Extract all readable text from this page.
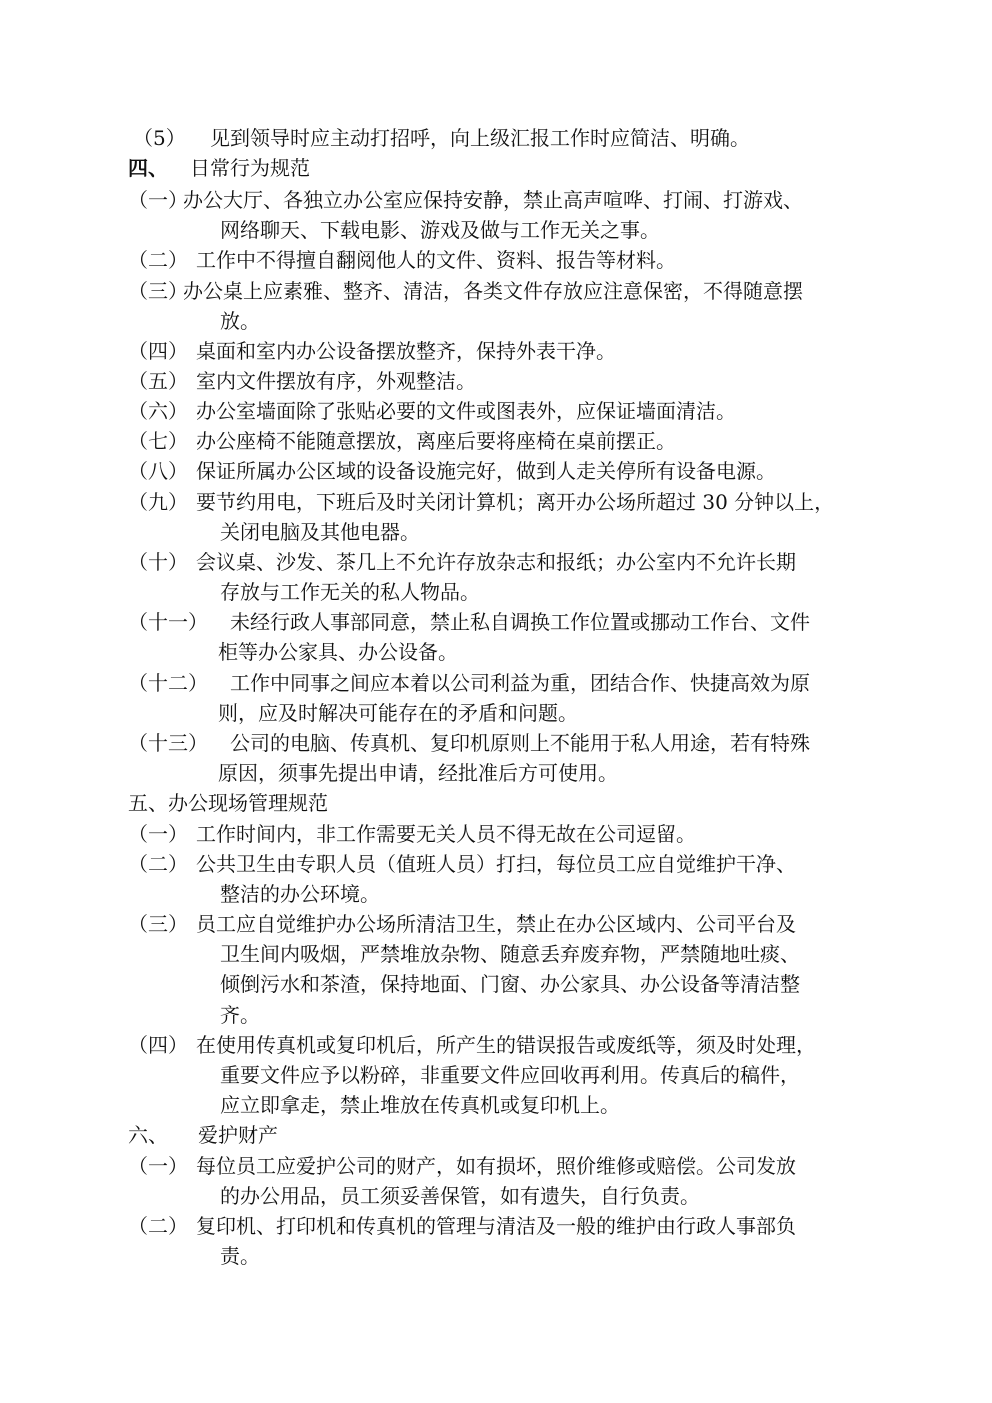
（5） 见到领导时应主动打招呼，向上级汇报工作时应简洁、明确。
四、 日常行为规范
（一）
办公大厅、各独立办公室应保持安静，禁止高声喧哗、打闹、打游戏、
网络聊天、下载电影、游戏及做与工作无关之事。
（二） 工作中不得擅自翻阅他人的文件、资料、报告等材料。
（三）
办公桌上应素雅、整齐、清洁，各类文件存放应注意保密，不得随意摆
放。
（四） 桌面和室内办公设备摆放整齐，保持外表干净。
（五） 室内文件摆放有序，外观整洁。
（六） 办公室墙面除了张贴必要的文件或图表外，应保证墙面清洁。
（七） 办公座椅不能随意摆放，离座后要将座椅在桌前摆正。
（八） 保证所属办公区域的设备设施完好，做到人走关停所有设备电源。
（九） 要节约用电，下班后及时关闭计算机；离开办公场所超过 30 分钟以上，
关闭电脑及其他电器。
（十） 会议桌、沙发、茶几上不允许存放杂志和报纸；办公室内不允许长期
存放与工作无关的私人物品。
（十一） 未经行政人事部同意，禁止私自调换工作位置或挪动工作台、文件
柜等办公家具、办公设备。
（十二） 工作中同事之间应本着以公司利益为重，团结合作、快捷高效为原
则，应及时解决可能存在的矛盾和问题。
（十三） 公司的电脑、传真机、复印机原则上不能用于私人用途，若有特殊
原因，须事先提出申请，经批准后方可使用。
五、办公现场管理规范
（一） 工作时间内，非工作需要无关人员不得无故在公司逗留。
（二） 公共卫生由专职人员（值班人员）打扫，每位员工应自觉维护干净、
整洁的办公环境。
（三） 员工应自觉维护办公场所清洁卫生，禁止在办公区域内、公司平台及
卫生间内吸烟，严禁堆放杂物、随意丢弃废弃物，严禁随地吐痰、
倾倒污水和茶渣，保持地面、门窗、办公家具、办公设备等清洁整
齐。
（四） 在使用传真机或复印机后，所产生的错误报告或废纸等，须及时处理，
重要文件应予以粉碎，非重要文件应回收再利用。传真后的稿件，
应立即拿走，禁止堆放在传真机或复印机上。
六、 爱护财产
（一） 每位员工应爱护公司的财产，如有损坏，照价维修或赔偿。公司发放
的办公用品，员工须妥善保管，如有遗失，自行负责。
（二） 复印机、打印机和传真机的管理与清洁及一般的维护由行政人事部负
责。
